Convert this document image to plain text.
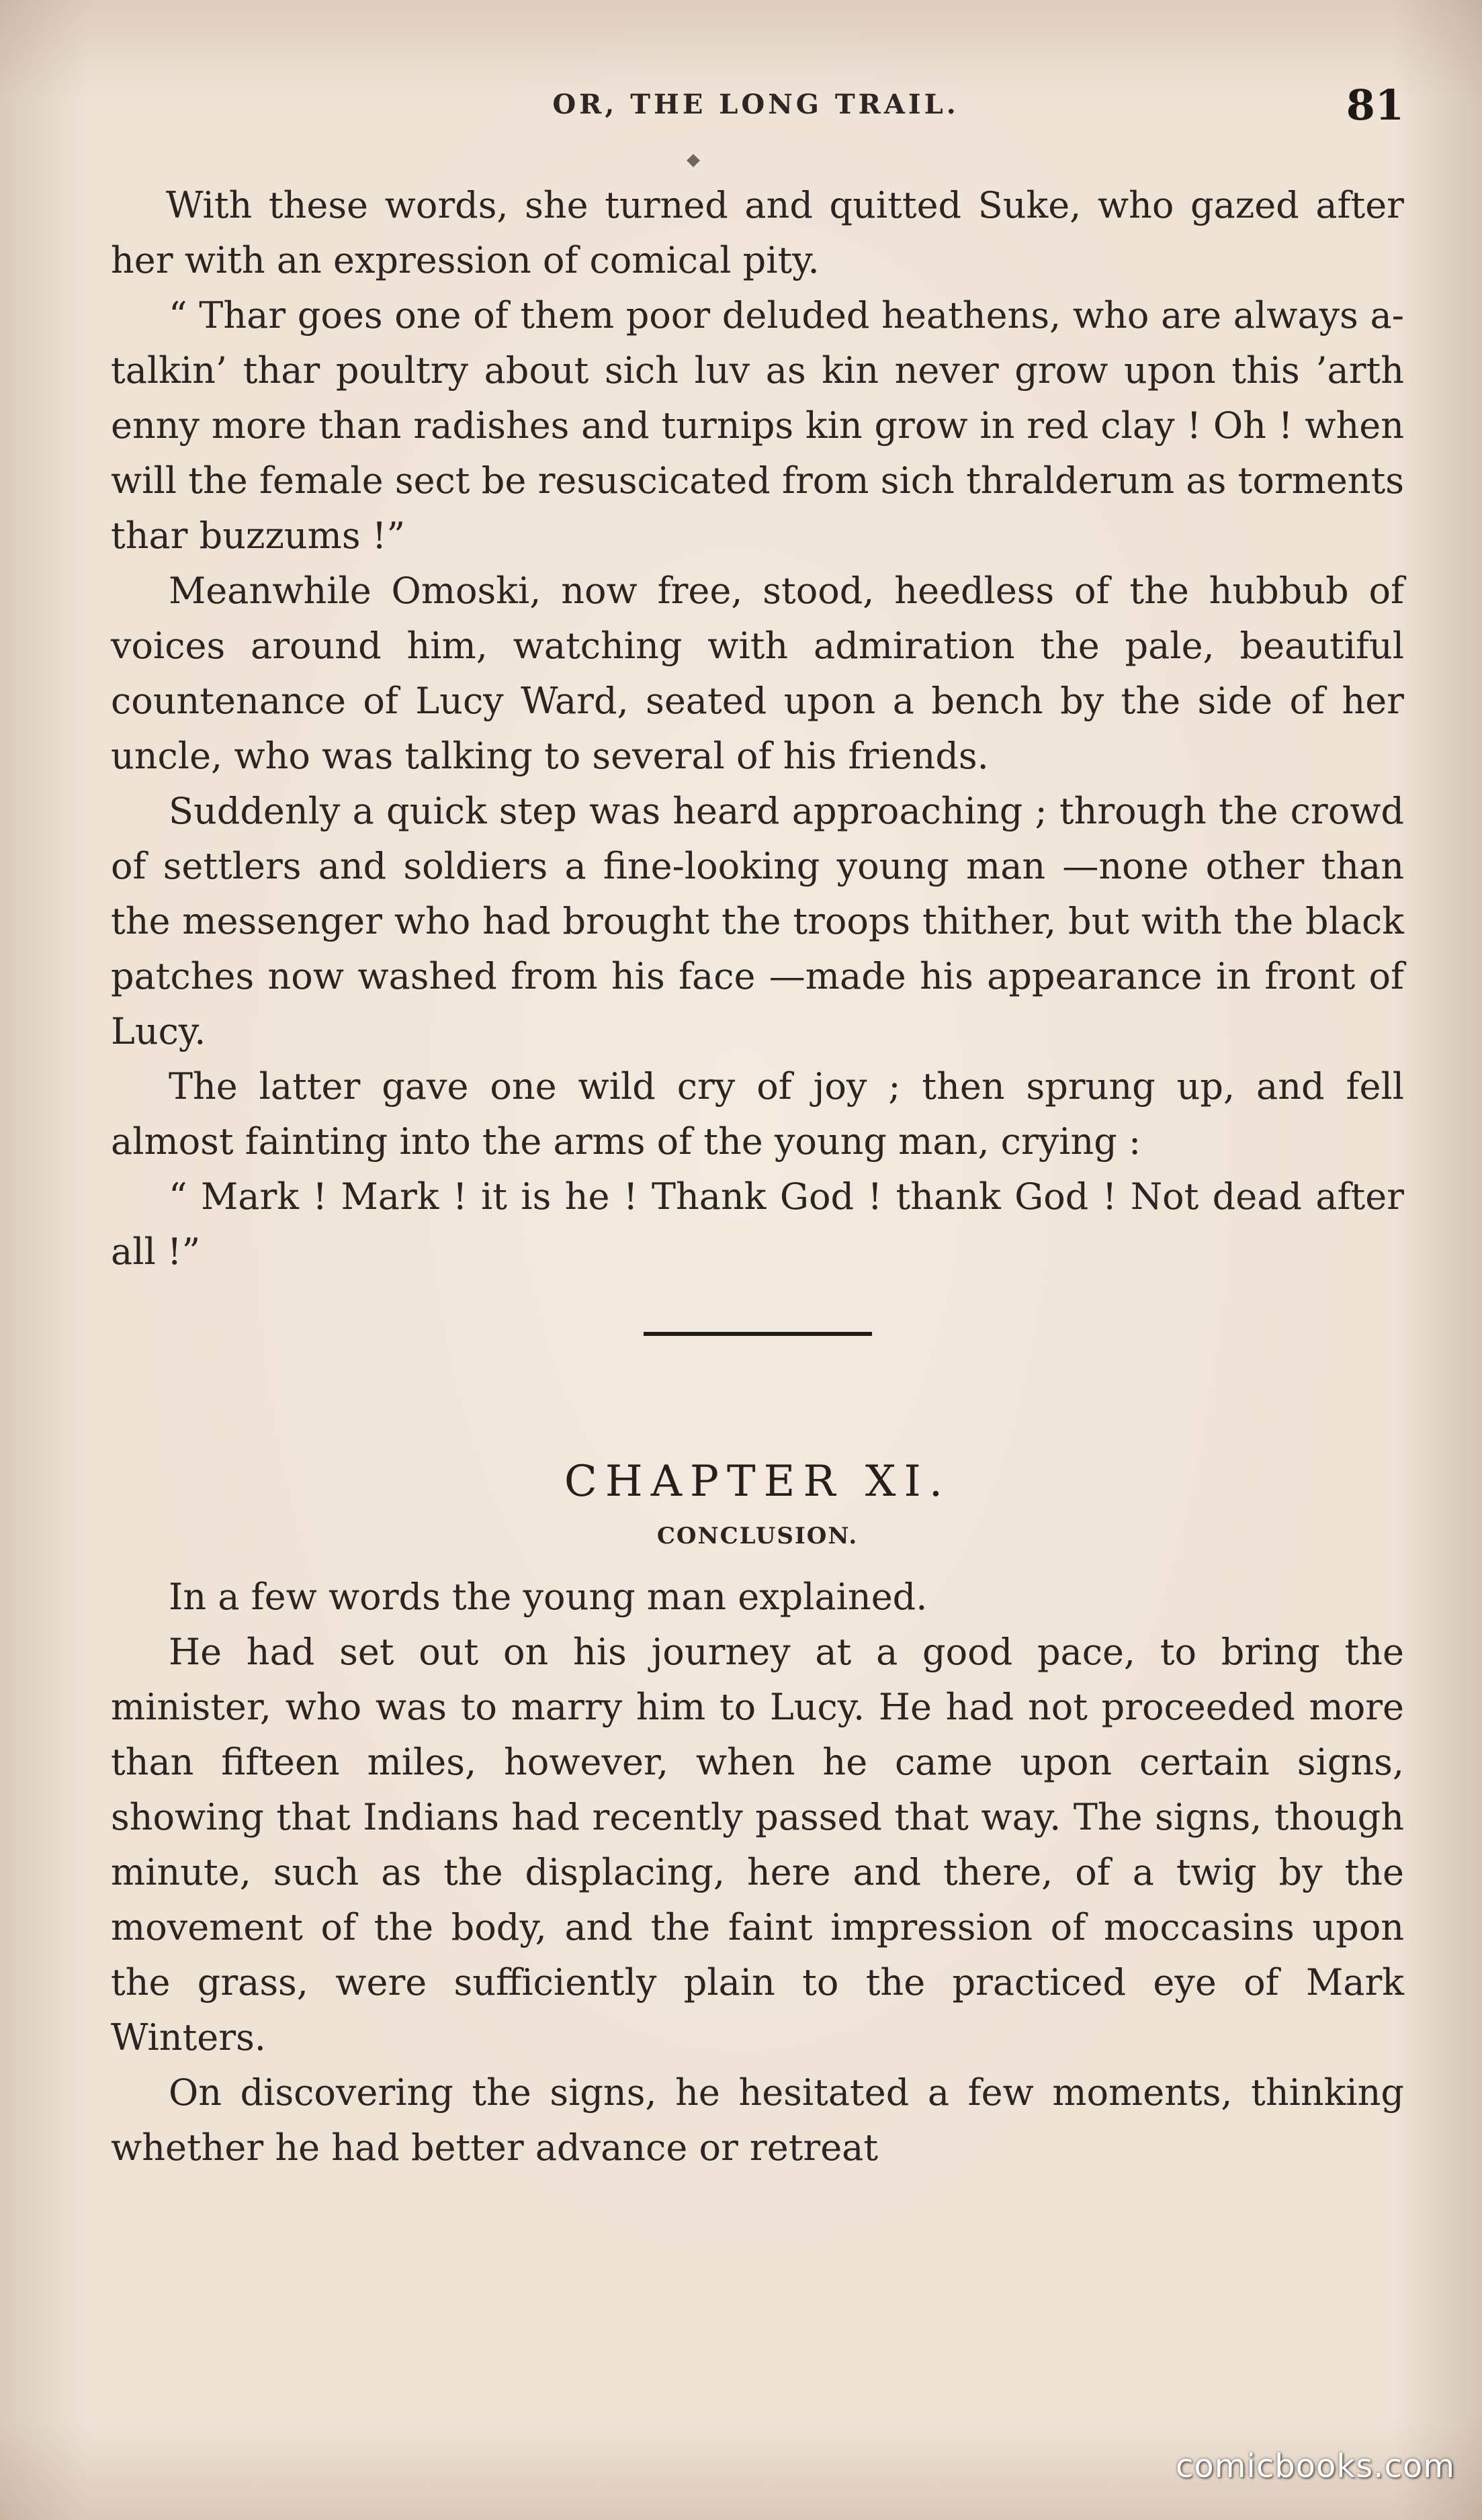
OR, THE LONG TRAIL.	81

With these words, she turned and quitted Suke, who gazed after her with an expression of comical pity.

“ Thar goes one of them poor deluded heathens, who are always a-talkin’ thar poultry about sich luv as kin never grow upon this ’arth enny more than radishes and turnips kin grow in red clay ! Oh ! when will the female sect be resuscicated from sich thralderum as torments thar buzzums !”

Meanwhile Omoski, now free, stood, heedless of the hubbub of voices around him, watching with admiration the pale, beautiful countenance of Lucy Ward, seated upon a bench by the side of her uncle, who was talking to several of his friends.

Suddenly a quick step was heard approaching ; through the crowd of settlers and soldiers a fine-looking young man —none other than the messenger who had brought the troops thither, but with the black patches now washed from his face —made his appearance in front of Lucy.

The latter gave one wild cry of joy ; then sprung up, and fell almost fainting into the arms of the young man, crying :

“ Mark ! Mark ! it is he ! Thank God ! thank God ! Not dead after all !”

CHAPTER XI.
CONCLUSION.

In a few words the young man explained.

He had set out on his journey at a good pace, to bring the minister, who was to marry him to Lucy. He had not proceeded more than fifteen miles, however, when he came upon certain signs, showing that Indians had recently passed that way. The signs, though minute, such as the displacing, here and there, of a twig by the movement of the body, and the faint impression of moccasins upon the grass, were sufficiently plain to the practiced eye of Mark Winters.

On discovering the signs, he hesitated a few moments, thinking whether he had better advance or retreat

comicbooks.com
